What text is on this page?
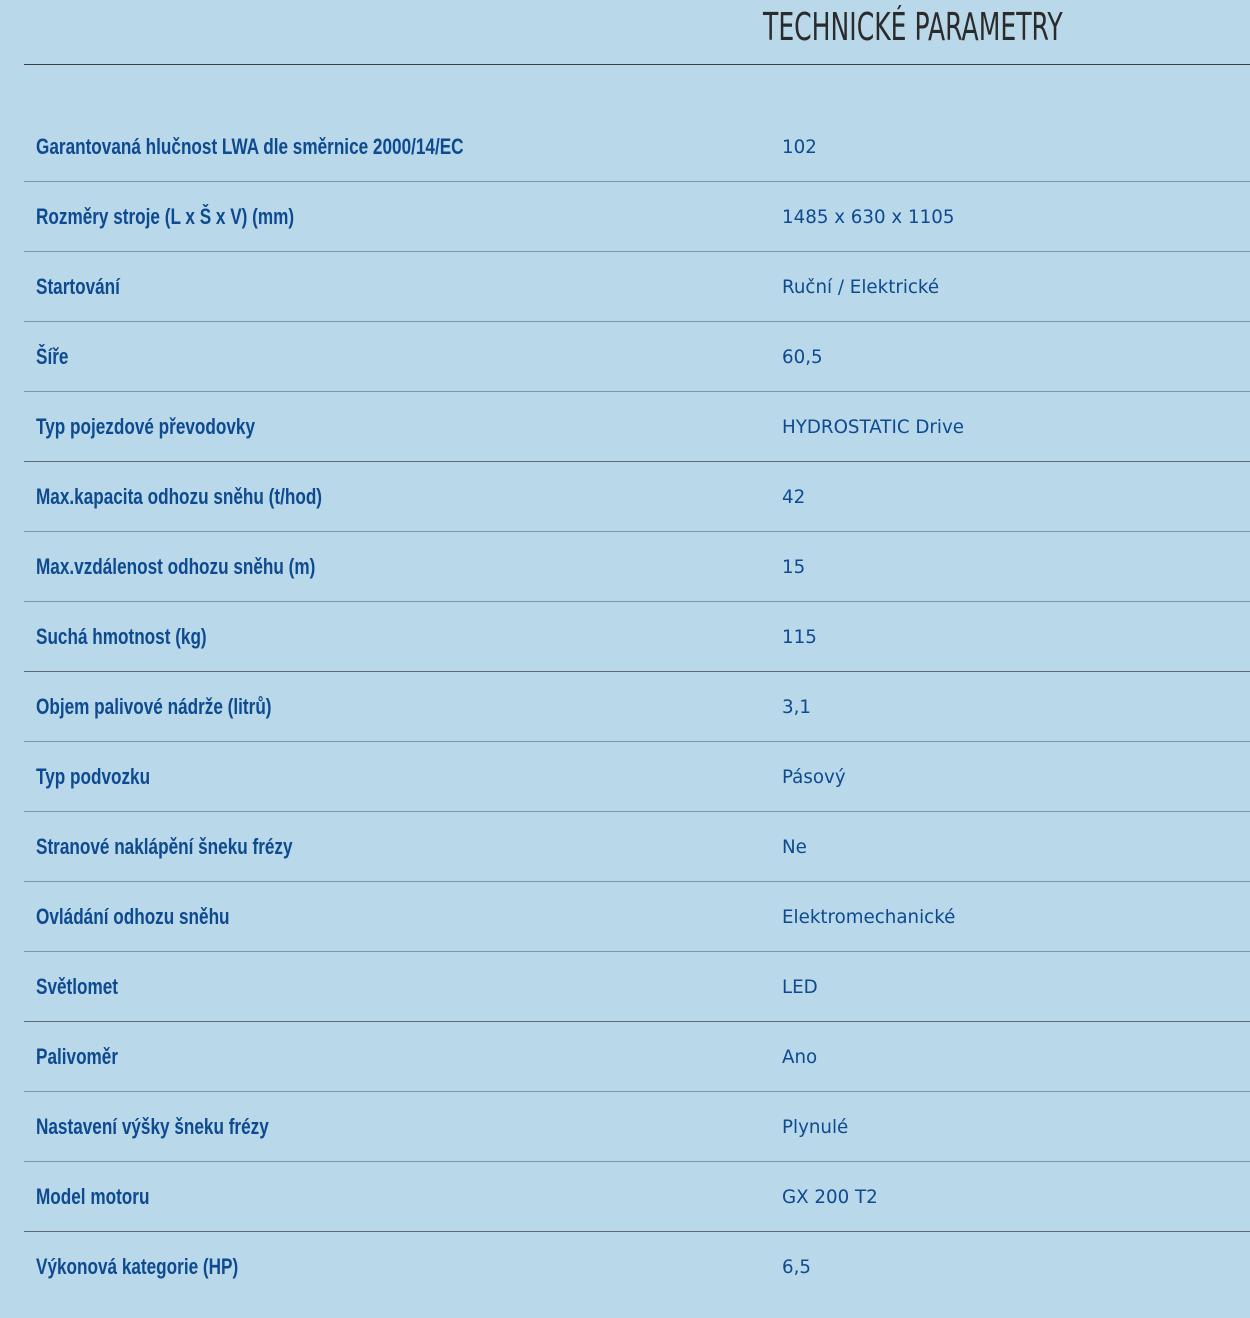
TECHNICKÉ PARAMETRY
Garantovaná hlučnost LWA dle směrnice 2000/14/EC	102
Rozměry stroje (L x Š x V) (mm)	1485 x 630 x 1105
Startování	Ruční / Elektrické
Šíře	60,5
Typ pojezdové převodovky	HYDROSTATIC Drive
Max.kapacita odhozu sněhu (t/hod)	42
Max.vzdálenost odhozu sněhu (m)	15
Suchá hmotnost (kg)	115
Objem palivové nádrže (litrů)	3,1
Typ podvozku	Pásový
Stranové naklápění šneku frézy	Ne
Ovládání odhozu sněhu	Elektromechanické
Světlomet	LED
Palivoměr	Ano
Nastavení výšky šneku frézy	Plynulé
Model motoru	GX 200 T2
Výkonová kategorie (HP)	6,5
